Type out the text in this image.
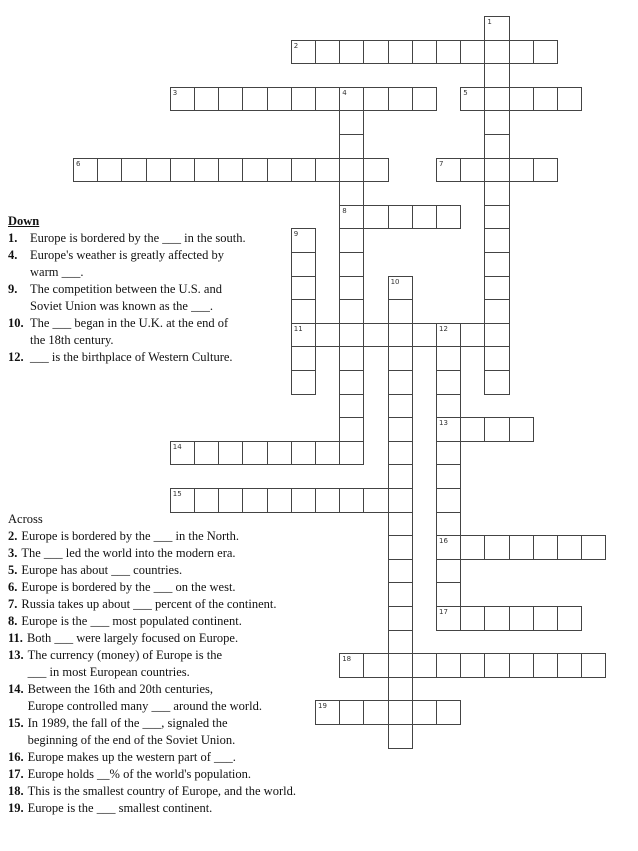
1
2
3	4
8
5
6	7
9
11
10
12
13
16
17
14
15
18
19
Down
1.	Europe is bordered by the ___ in the south.
4.	Europe's weather is greatly affected by
warm ___.
9.	The competition between the U.S. and
Soviet Union was known as the ___.
10. The ___ began in the U.K. at the end of
the 18th century.
12. ___ is the birthplace of Western Culture.
Across
2. Europe is bordered by the ___ in the North.
3. The ___ led the world into the modern era.
5. Europe has about ___ countries.
6. Europe is bordered by the ___ on the west.
7. Russia takes up about ___ percent of the continent.
8. Europe is the ___ most populated continent.
11. Both ___ were largely focused on Europe.
13. The currency (money) of Europe is the
___ in most European countries.
14. Between the 16th and 20th centuries,
Europe controlled many ___ around the world.
15. In 1989, the fall of the ___, signaled the
beginning of the end of the Soviet Union.
16. Europe makes up the western part of ___.
17. Europe holds __% of the world's population.
18. This is the smallest country of Europe, and the world.
19. Europe is the ___ smallest continent.
